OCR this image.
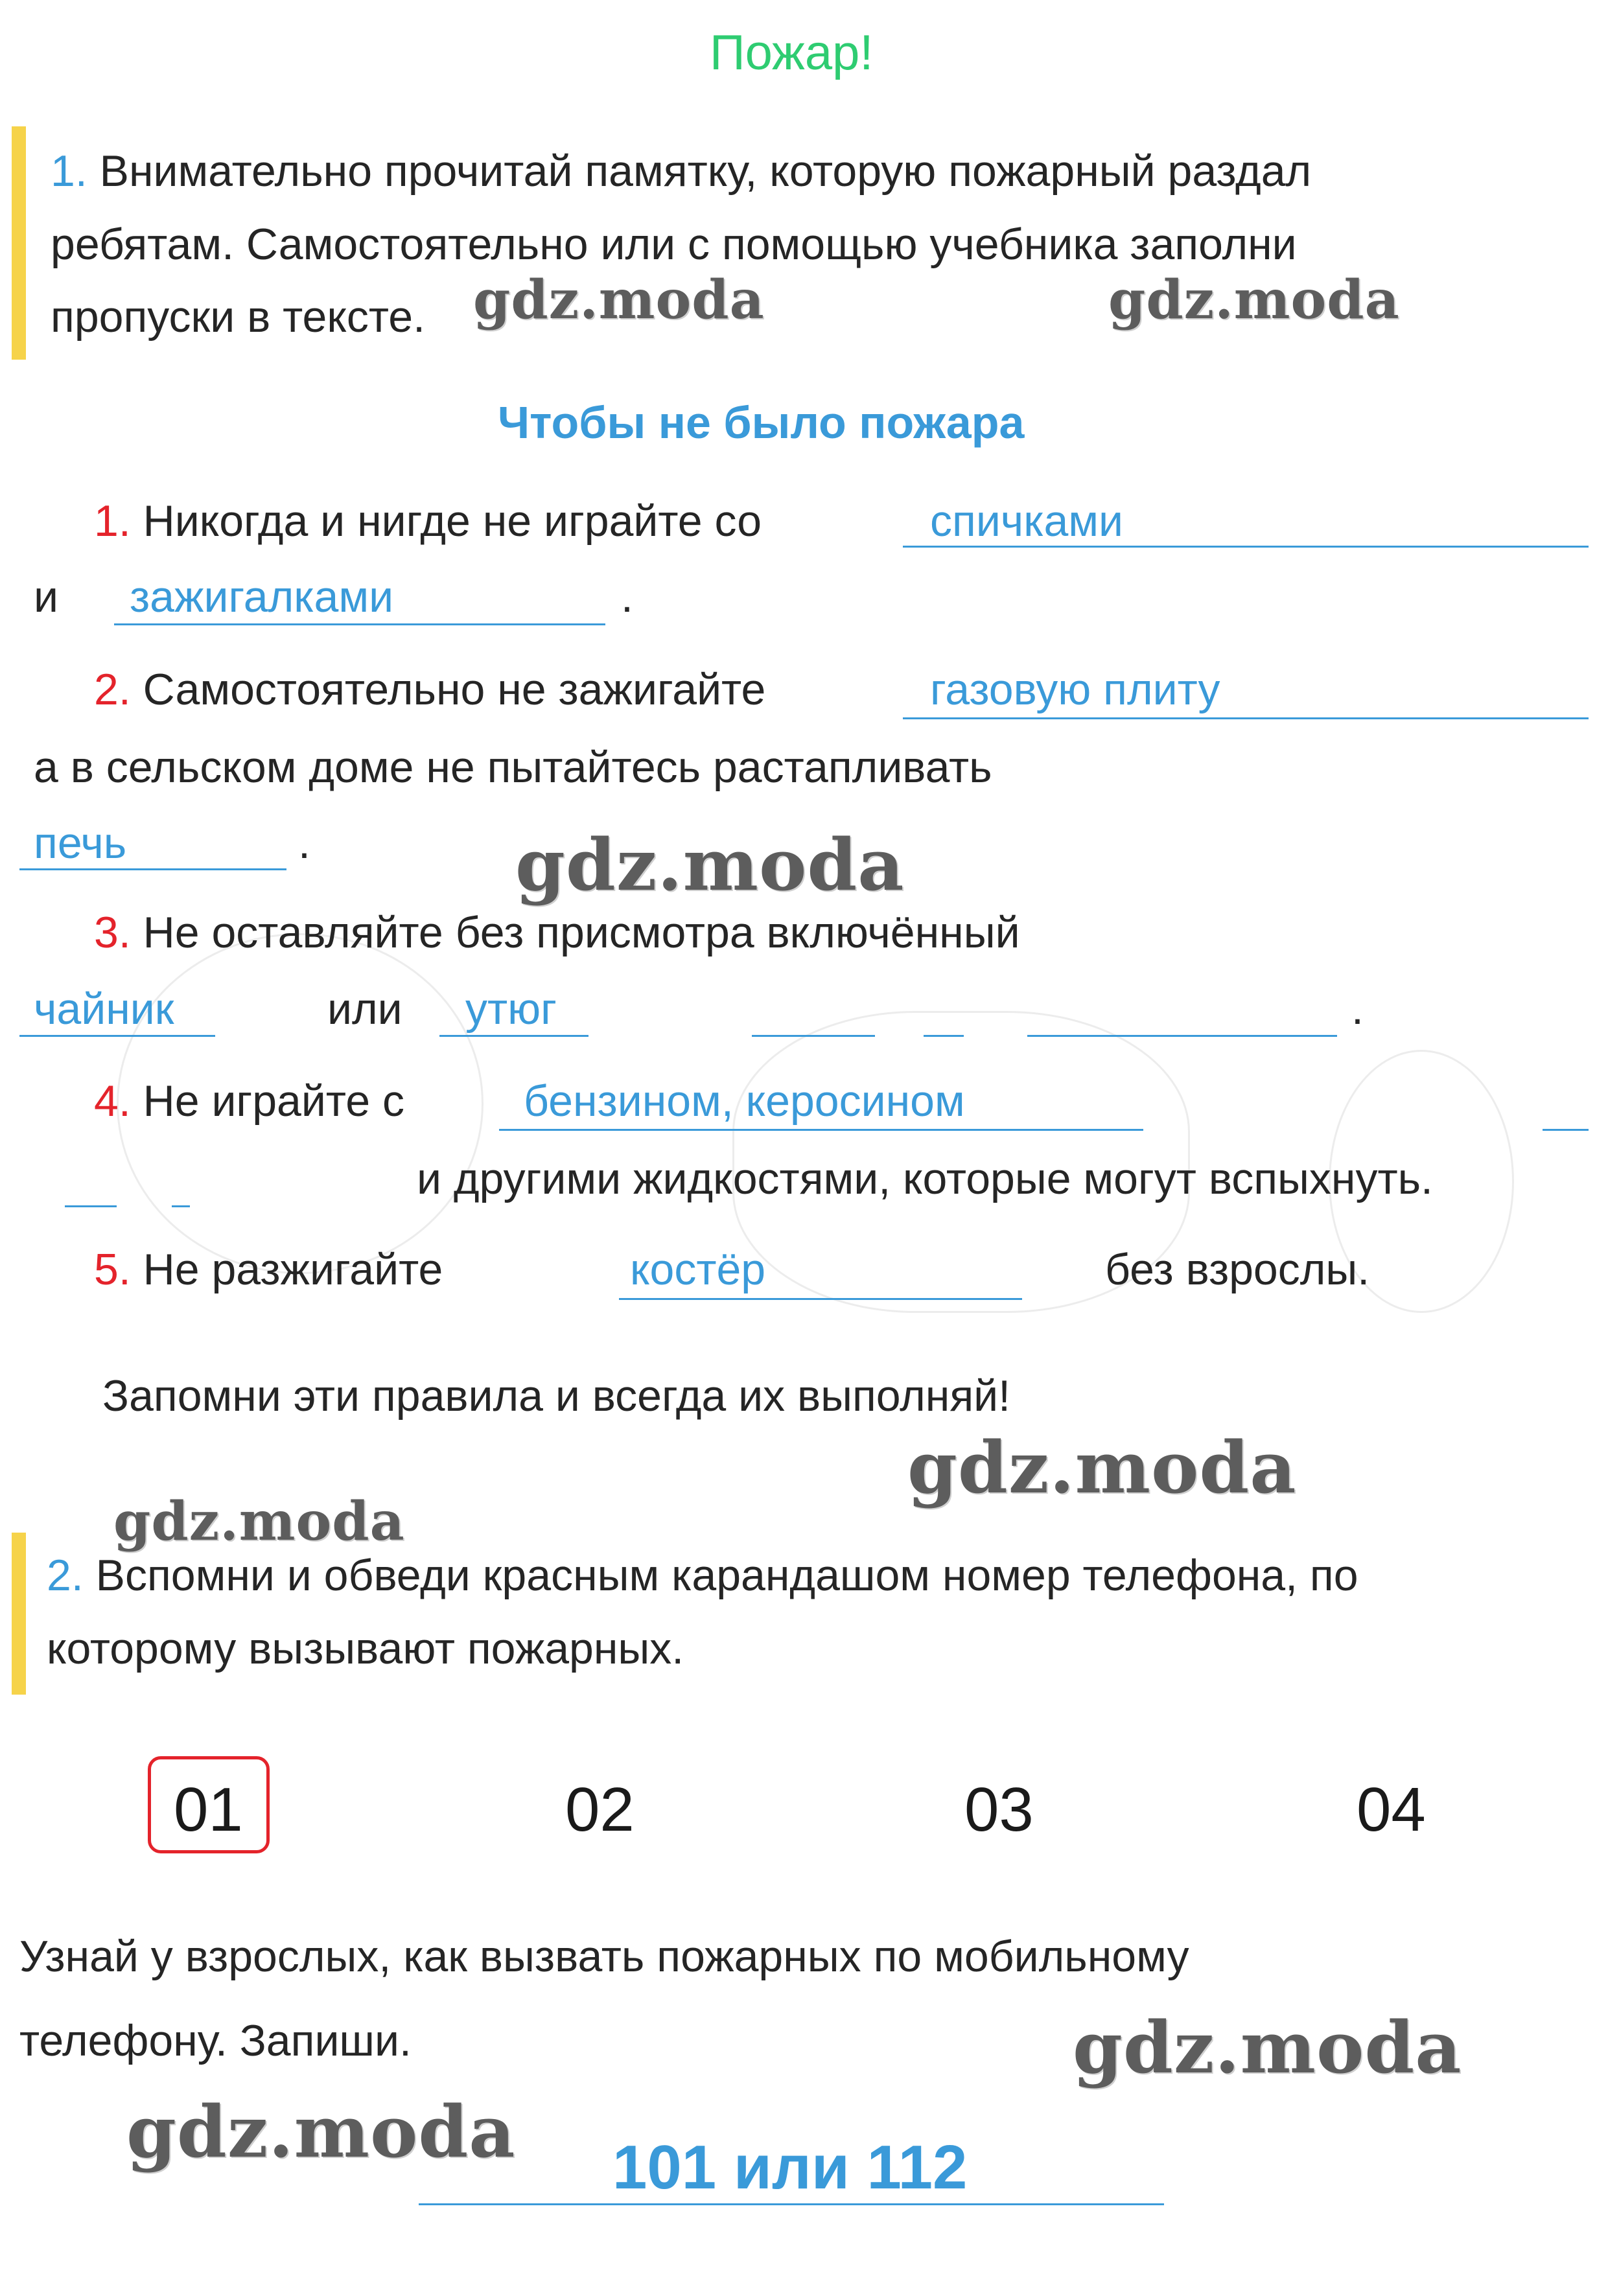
Пожар!
1. Внимательно прочитай памятку, которую пожарный раздал
ребятам. Самостоятельно или с помощью учебника заполни
пропуски в тексте.
Чтобы не было пожара
1. Никогда и нигде не играйте со	спичками
и зажигалками	.
2. Самостоятельно не зажигайте	газовую плиту
а в сельском доме не пытайтесь растапливать
печь	.
3. Не оставляйте без присмотра включённый
чайник	или утюг	.
4. Не играйте с	бензином, керосином
и другими жидкостями, которые могут вспыхнуть.
5. Не разжигайте	костёр	без взрослы.
Запомни эти правила и всегда их выполняй!
2. Вспомни и обведи красным карандашом номер телефона, по
которому вызывают пожарных.
01	02	03	04
Узнай у взрослых, как вызвать пожарных по мобильному
телефону. Запиши.
101 или 112
gdz.moda	gdz.moda
gdz.moda
gdz.moda
gdz.moda
gdz.moda
gdz.moda
